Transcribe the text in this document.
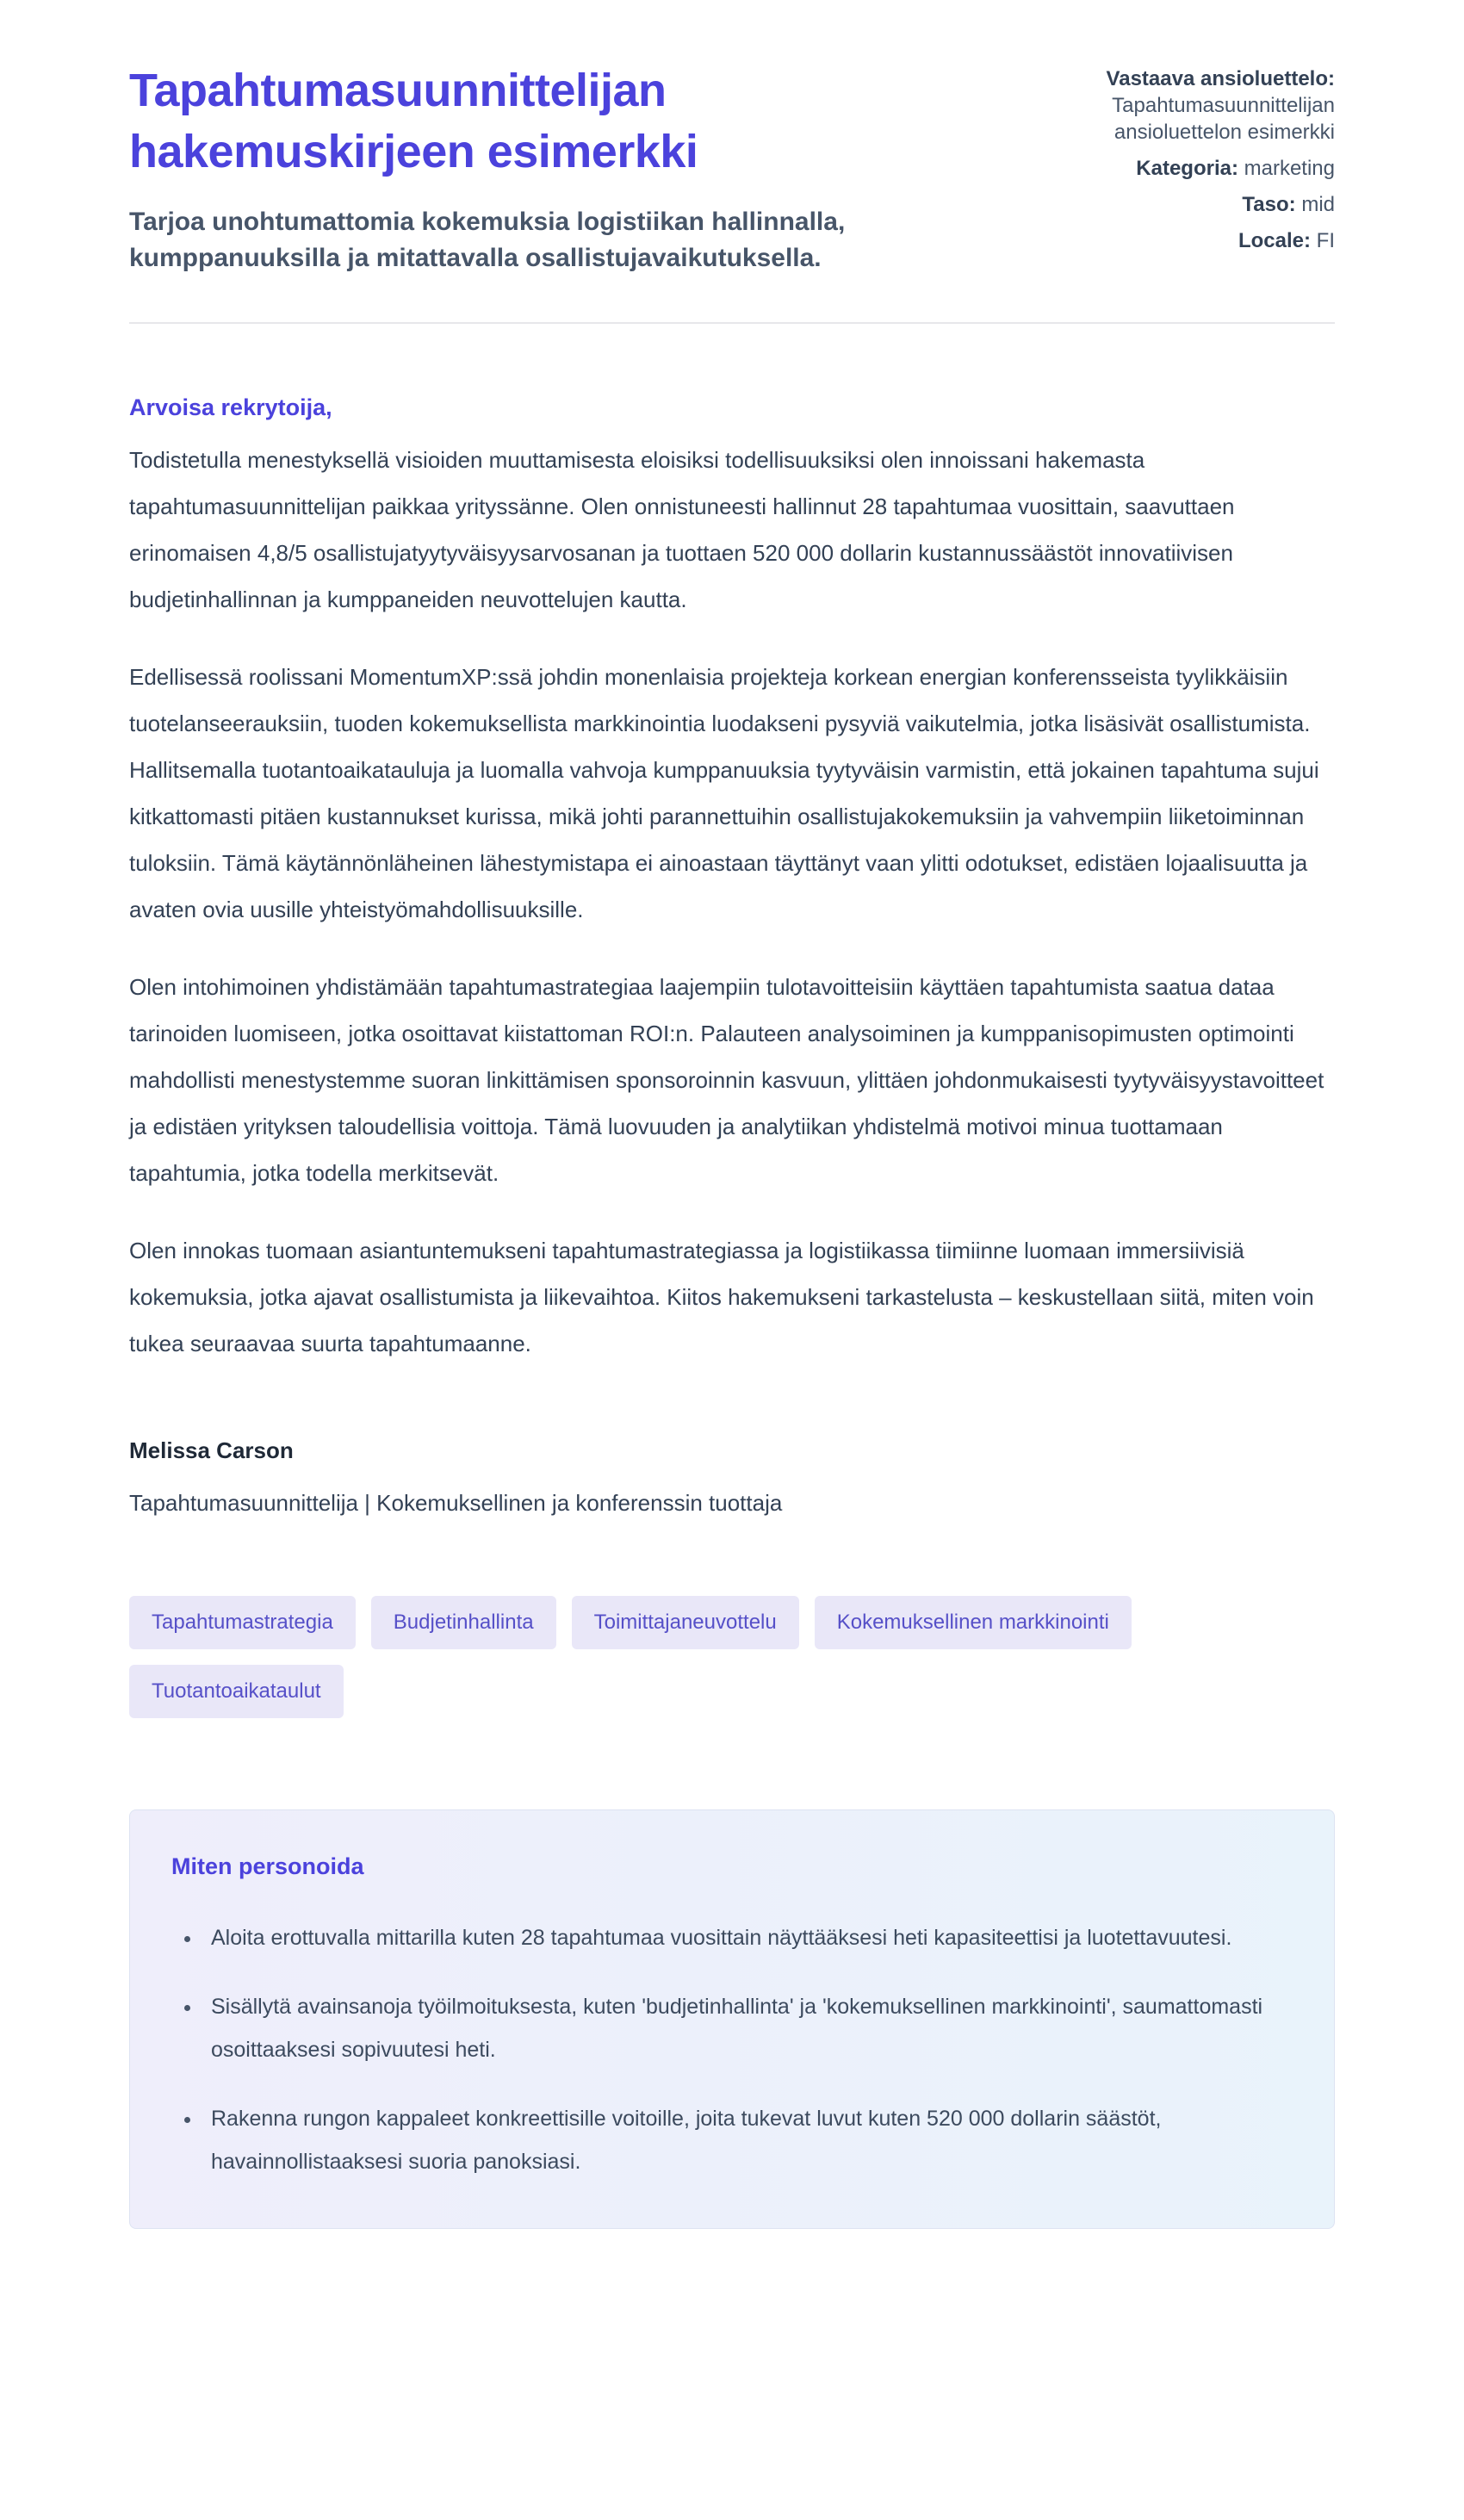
Tapahtumasuunnittelijan hakemuskirjeen esimerkki

Tarjoa unohtumattomia kokemuksia logistiikan hallinnalla, kumppanuuksilla ja mitattavalla osallistujavaikutuksella.

Vastaava ansioluettelo: Tapahtumasuunnittelijan ansioluettelon esimerkki
Kategoria: marketing
Taso: mid
Locale: FI

Arvoisa rekrytoija,

Todistetulla menestyksellä visioiden muuttamisesta eloisiksi todellisuuksiksi olen innoissani hakemasta tapahtumasuunnittelijan paikkaa yrityssänne. Olen onnistuneesti hallinnut 28 tapahtumaa vuosittain, saavuttaen erinomaisen 4,8/5 osallistujatyytyväisyysarvosanan ja tuottaen 520 000 dollarin kustannussäästöt innovatiivisen budjetinhallinnan ja kumppaneiden neuvottelujen kautta.

Edellisessä roolissani MomentumXP:ssä johdin monenlaisia projekteja korkean energian konferensseista tyylikkäisiin tuotelanseerauksiin, tuoden kokemuksellista markkinointia luodakseni pysyviä vaikutelmia, jotka lisäsivät osallistumista. Hallitsemalla tuotantoaikatauluja ja luomalla vahvoja kumppanuuksia tyytyväisin varmistin, että jokainen tapahtuma sujui kitkattomasti pitäen kustannukset kurissa, mikä johti parannettuihin osallistujakokemuksiin ja vahvempiin liiketoiminnan tuloksiin. Tämä käytännönläheinen lähestymistapa ei ainoastaan täyttänyt vaan ylitti odotukset, edistäen lojaalisuutta ja avaten ovia uusille yhteistyömahdollisuuksille.

Olen intohimoinen yhdistämään tapahtumastrategiaa laajempiin tulotavoitteisiin käyttäen tapahtumista saatua dataa tarinoiden luomiseen, jotka osoittavat kiistattoman ROI:n. Palauteen analysoiminen ja kumppanisopimusten optimointi mahdollisti menestystemme suoran linkittämisen sponsoroinnin kasvuun, ylittäen johdonmukaisesti tyytyväisyystavoitteet ja edistäen yrityksen taloudellisia voittoja. Tämä luovuuden ja analytiikan yhdistelmä motivoi minua tuottamaan tapahtumia, jotka todella merkitsevät.

Olen innokas tuomaan asiantuntemukseni tapahtumastrategiassa ja logistiikassa tiimiinne luomaan immersiivisiä kokemuksia, jotka ajavat osallistumista ja liikevaihtoa. Kiitos hakemukseni tarkastelusta – keskustellaan siitä, miten voin tukea seuraavaa suurta tapahtumaanne.

Melissa Carson

Tapahtumasuunnittelija | Kokemuksellinen ja konferenssin tuottaja

Tapahtumastrategia	Budjetinhallinta	Toimittajaneuvottelu	Kokemuksellinen markkinointi
Tuotantoaikataulut
Miten personoida
• Aloita erottuvalla mittarilla kuten 28 tapahtumaa vuosittain näyttääksesi heti kapasiteettisi ja luotettavuutesi.
• Sisällytä avainsanoja työilmoituksesta, kuten 'budjetinhallinta' ja 'kokemuksellinen markkinointi', saumattomasti osoittaaksesi sopivuutesi heti.
• Rakenna rungon kappaleet konkreettisille voitoille, joita tukevat luvut kuten 520 000 dollarin säästöt, havainnollistaaksesi suoria panoksiasi.
